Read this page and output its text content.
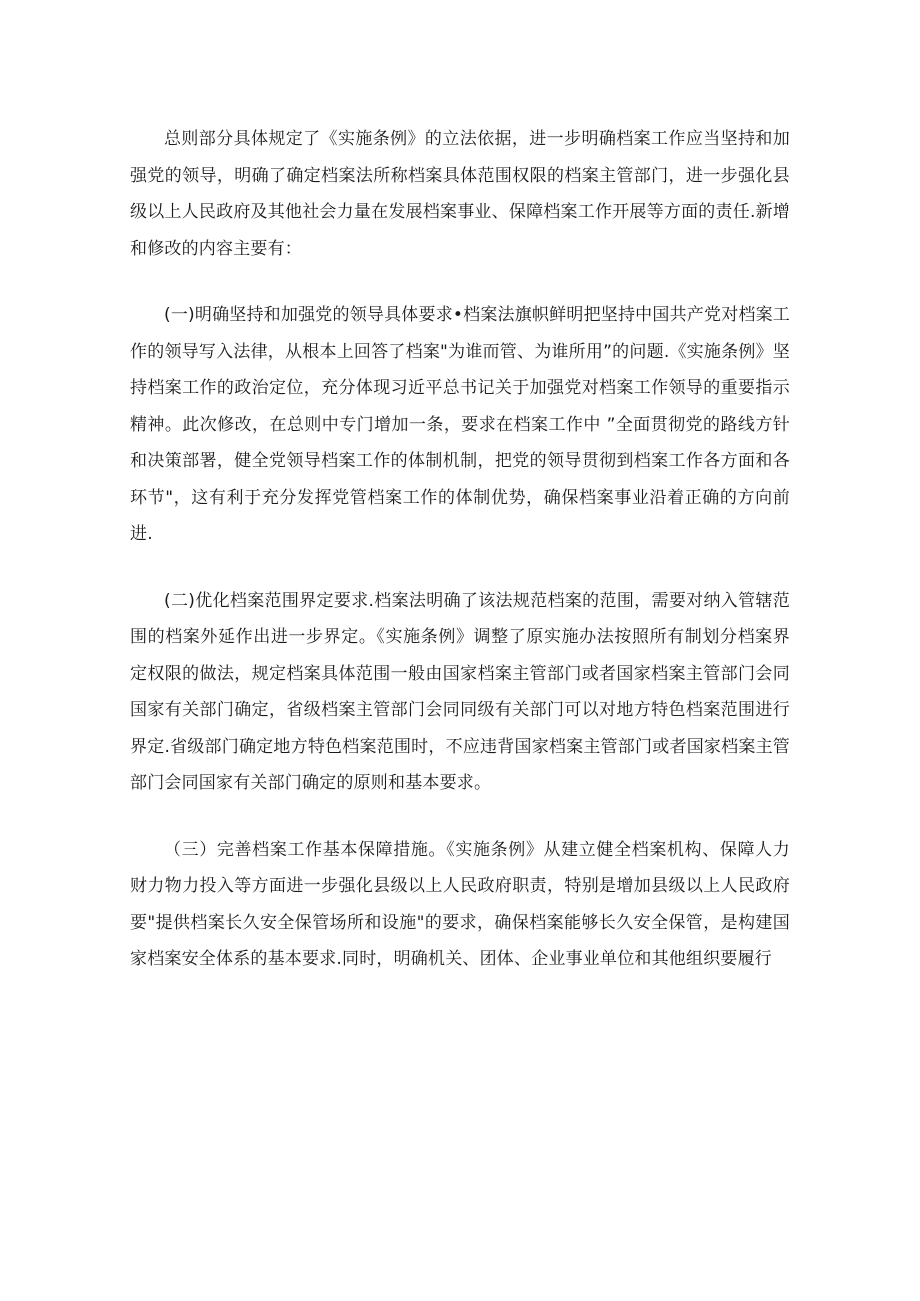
总则部分具体规定了《实施条例》的立法依据，进一步明确档案工作应当坚持和加强党的领导，明确了确定档案法所称档案具体范围权限的档案主管部门，进一步强化县级以上人民政府及其他社会力量在发展档案事业、保障档案工作开展等方面的责任.新增和修改的内容主要有：

(一)明确坚持和加强党的领导具体要求•档案法旗帜鲜明把坚持中国共产党对档案工作的领导写入法律，从根本上回答了档案"为谁而管、为谁所用”的问题.《实施条例》坚持档案工作的政治定位，充分体现习近平总书记关于加强党对档案工作领导的重要指示精神。此次修改，在总则中专门增加一条，要求在档案工作中 ”全面贯彻党的路线方针和决策部署，健全党领导档案工作的体制机制，把党的领导贯彻到档案工作各方面和各环节"，这有利于充分发挥党管档案工作的体制优势，确保档案事业沿着正确的方向前进.

(二)优化档案范围界定要求.档案法明确了该法规范档案的范围，需要对纳入管辖范围的档案外延作出进一步界定。《实施条例》调整了原实施办法按照所有制划分档案界定权限的做法，规定档案具体范围一般由国家档案主管部门或者国家档案主管部门会同国家有关部门确定，省级档案主管部门会同同级有关部门可以对地方特色档案范围进行界定.省级部门确定地方特色档案范围时，不应违背国家档案主管部门或者国家档案主管部门会同国家有关部门确定的原则和基本要求。

（三）完善档案工作基本保障措施。《实施条例》从建立健全档案机构、保障人力财力物力投入等方面进一步强化县级以上人民政府职责，特别是增加县级以上人民政府要"提供档案长久安全保管场所和设施"的要求，确保档案能够长久安全保管，是构建国家档案安全体系的基本要求.同时，明确机关、团体、企业事业单位和其他组织要履行
